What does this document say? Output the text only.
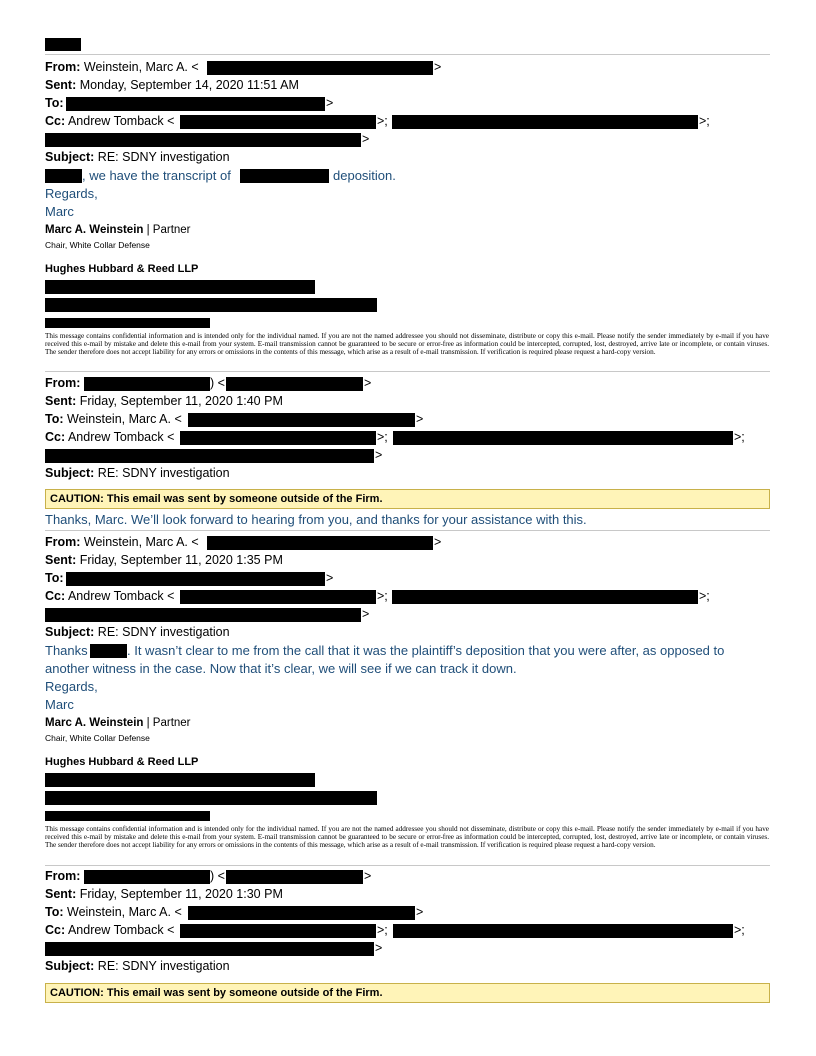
From: Weinstein, Marc A. <	>
Sent: Monday, September 14, 2020 11:51 AM
To:	>
Cc: Andrew Tomback <	>;	>;
>
Subject: RE: SDNY investigation
, we have the transcript of	deposition.
Regards,
Marc
Marc A. Weinstein | Partner
Chair, White Collar Defense
Hughes Hubbard & Reed LLP
This message contains confidential information and is intended only for the individual named. If you are not the named addressee you should not disseminate, distribute or copy this e-mail. Please notify the sender immediately by e-mail if you have received this e-mail by mistake and delete this e-mail from your system. E-mail transmission cannot be guaranteed to be secure or error-free as information could be intercepted, corrupted, lost, destroyed, arrive late or incomplete, or contain viruses. The sender therefore does not accept liability for any errors or omissions in the contents of this message, which arise as a result of e-mail transmission. If verification is required please request a hard-copy version.
From:	) <	>
Sent: Friday, September 11, 2020 1:40 PM
To: Weinstein, Marc A. <	>
Cc: Andrew Tomback <	>;	>;
>
Subject: RE: SDNY investigation
CAUTION: This email was sent by someone outside of the Firm.
Thanks, Marc. We’ll look forward to hearing from you, and thanks for your assistance with this.
From: Weinstein, Marc A. <	>
Sent: Friday, September 11, 2020 1:35 PM
To:	>
Cc: Andrew Tomback <	>;	>;
>
Subject: RE: SDNY investigation
Thanks	. It wasn’t clear to me from the call that it was the plaintiff’s deposition that you were after, as opposed to
another witness in the case. Now that it’s clear, we will see if we can track it down.
Regards,
Marc
Marc A. Weinstein | Partner
Chair, White Collar Defense
Hughes Hubbard & Reed LLP
This message contains confidential information and is intended only for the individual named. If you are not the named addressee you should not disseminate, distribute or copy this e-mail. Please notify the sender immediately by e-mail if you have received this e-mail by mistake and delete this e-mail from your system. E-mail transmission cannot be guaranteed to be secure or error-free as information could be intercepted, corrupted, lost, destroyed, arrive late or incomplete, or contain viruses. The sender therefore does not accept liability for any errors or omissions in the contents of this message, which arise as a result of e-mail transmission. If verification is required please request a hard-copy version.
From:	) <	>
Sent: Friday, September 11, 2020 1:30 PM
To: Weinstein, Marc A. <	>
Cc: Andrew Tomback <	>;	>;
>
Subject: RE: SDNY investigation
CAUTION: This email was sent by someone outside of the Firm.
